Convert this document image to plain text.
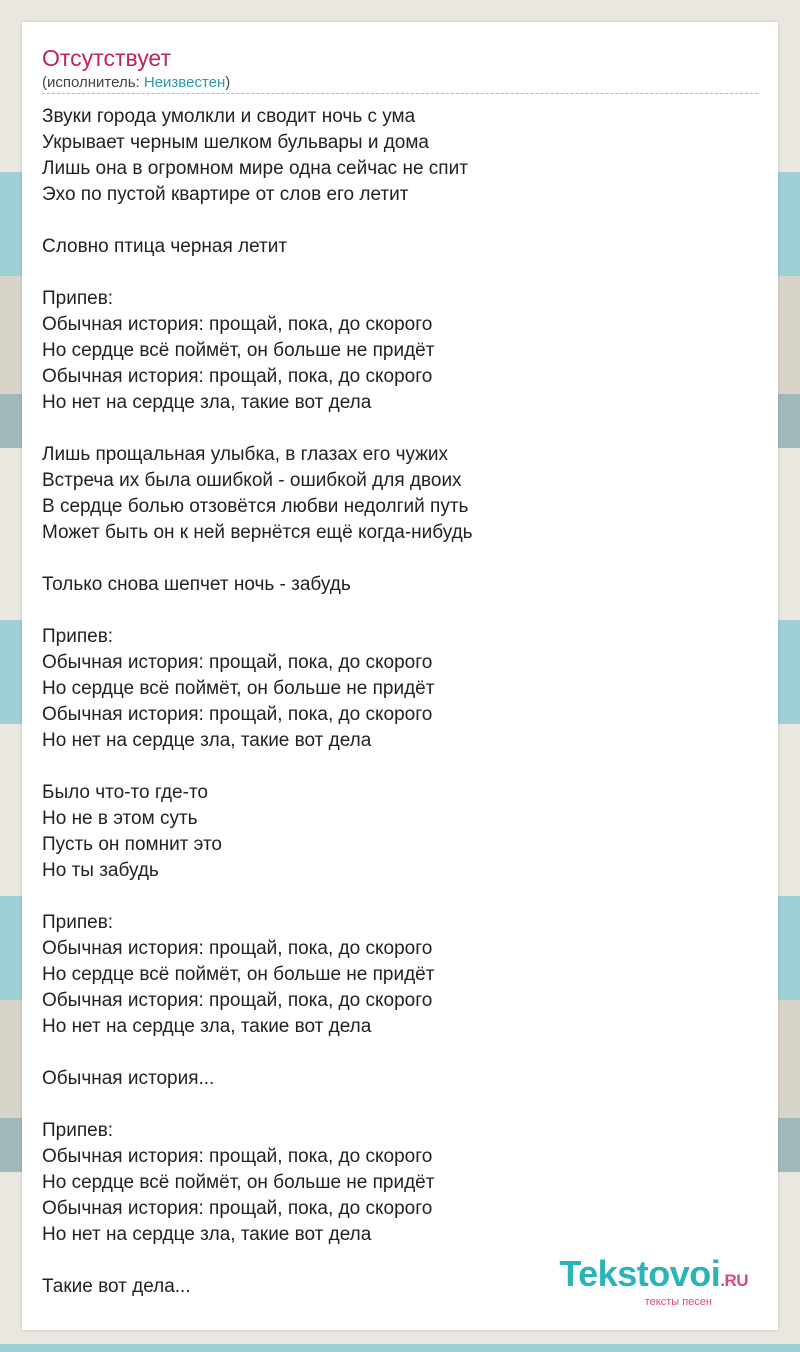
Отсутствует
(исполнитель: Неизвестен)
Звуки города умолкли и сводит ночь с ума
Укрывает черным шелком бульвары и дома
Лишь она в огромном мире одна сейчас не спит
Эхо по пустой квартире от слов его летит
Словно птица черная летит
Припев:
Обычная история: прощай, пока, до скорого
Но сердце всё поймёт, он больше не придёт
Обычная история: прощай, пока, до скорого
Но нет на сердце зла, такие вот дела
Лишь прощальная улыбка, в глазах его чужих
Встреча их была ошибкой - ошибкой для двоих
В сердце болью отзовётся любви недолгий путь
Может быть он к ней вернётся ещё когда-нибудь
Только снова шепчет ночь - забудь
Припев:
Обычная история: прощай, пока, до скорого
Но сердце всё поймёт, он больше не придёт
Обычная история: прощай, пока, до скорого
Но нет на сердце зла, такие вот дела
Было что-то где-то
Но не в этом суть
Пусть он помнит это
Но ты забудь
Припев:
Обычная история: прощай, пока, до скорого
Но сердце всё поймёт, он больше не придёт
Обычная история: прощай, пока, до скорого
Но нет на сердце зла, такие вот дела
Обычная история...
Припев:
Обычная история: прощай, пока, до скорого
Но сердце всё поймёт, он больше не придёт
Обычная история: прощай, пока, до скорого
Но нет на сердце зла, такие вот дела
Такие вот дела...	Tekstovoi.RU
тексты песен
